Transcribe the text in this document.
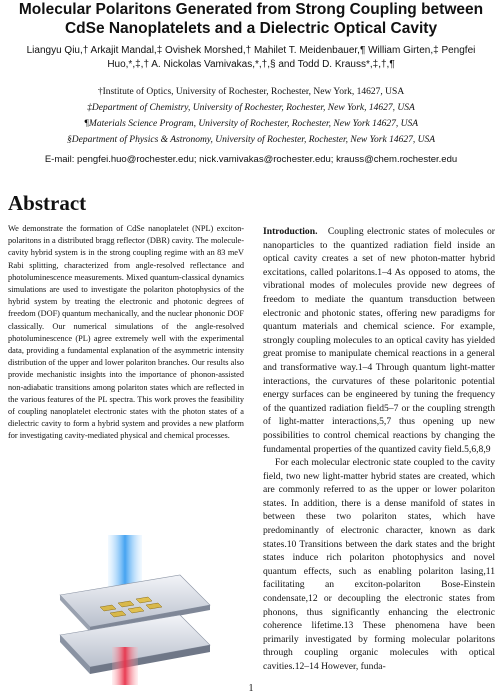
Molecular Polaritons Generated from Strong Coupling between
CdSe Nanoplatelets and a Dielectric Optical Cavity
Liangyu Qiu,† Arkajit Mandal,‡ Ovishek Morshed,† Mahilet T. Meidenbauer,¶ William Girten,‡ Pengfei
Huo,*,‡,† A. Nickolas Vamivakas,*,†,§ and Todd D. Krauss*,‡,†,¶
†Institute of Optics, University of Rochester, Rochester, New York, 14627, USA
‡Department of Chemistry, University of Rochester, Rochester, New York, 14627, USA
¶Materials Science Program, University of Rochester, Rochester, New York 14627, USA
§Department of Physics & Astronomy, University of Rochester, Rochester, New York 14627, USA
E-mail: pengfei.huo@rochester.edu; nick.vamivakas@rochester.edu; krauss@chem.rochester.edu
Abstract

We demonstrate the formation of CdSe nanoplatelet (NPL) exciton-polaritons in a distributed bragg reflector (DBR) cavity. The molecule-cavity hybrid system is in the strong coupling regime with an 83 meV Rabi splitting, characterized from angle-resolved reflectance and photoluminescence measurements. Mixed quantum-classical dynamics simulations are used to investigate the polariton photophysics of the hybrid system by treating the electronic and photonic degrees of freedom (DOF) quantum mechanically, and the nuclear phononic DOF classically. Our numerical simulations of the angle-resolved photoluminescence (PL) agree extremely well with the experimental data, providing a fundamental explanation of the asymmetric intensity distribution of the upper and lower polariton branches. Our results also provide mechanistic insights into the importance of phonon-assisted non-adiabatic transitions among polariton states which are reflected in the various features of the PL spectra. This work proves the feasibility of coupling nanoplatelet electronic states with the photon states of a dielectric cavity to form a hybrid system and provides a new platform for investigating cavity-mediated physical and chemical processes.

Introduction. Coupling electronic states of molecules or nanoparticles to the quantized radiation field inside an optical cavity creates a set of new photon-matter hybrid excitations, called polaritons.1–4 As opposed to atoms, the vibrational modes of molecules provide new degrees of freedom to mediate the quantum transduction between electronic and photonic states, offering new paradigms for quantum materials and chemical science. For example, strongly coupling molecules to an optical cavity has yielded great promise to manipulate chemical reactions in a general and transformative way.1–4 Through quantum light-matter interactions, the curvatures of these polaritonic potential energy surfaces can be engineered by tuning the frequency of the quantized radiation field5–7 or the coupling strength of light-matter interactions,5,7 thus opening up new possibilities to control chemical reactions by changing the fundamental properties of the quantized cavity field.5,6,8,9

For each molecular electronic state coupled to the cavity field, two new light-matter hybrid states are created, which are commonly referred to as the upper or lower polariton states. In addition, there is a dense manifold of states in between these two polariton states, which have predominantly of electronic character, known as dark states.10 Transitions between the dark states and the bright states induce rich polariton photophysics and novel quantum effects, such as enabling polariton lasing,11 facilitating an exciton-polariton Bose-Einstein condensate,12 or decoupling the electronic states from phonons, thus significantly enhancing the electronic coherence lifetime.13 These phenomena have been primarily investigated by forming molecular polaritons through coupling organic molecules with optical cavities.12–14 However, funda-

1
